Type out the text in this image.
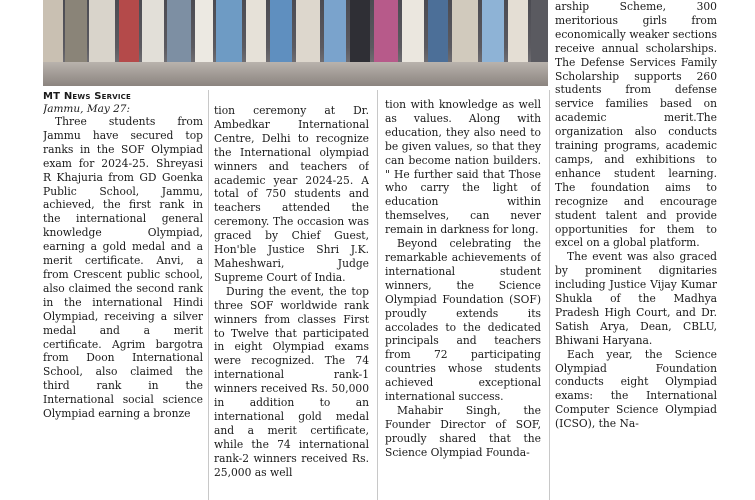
MT News Service
Jammu, May 27:

Three students from Jammu have secured top ranks in the SOF Olympiad exam for 2024-25. Shreyasi R Khajuria from GD Goenka Public School, Jammu, achieved, the first rank in the international general knowledge Olympiad, earning a gold medal and a merit certificate. Anvi, a from Crescent public school, also claimed the second rank in the international Hindi Olympiad, receiving a silver medal and a merit certificate. Agrim bargotra from Doon International School, also claimed the third rank in the International social science Olympiad earning a bronze

tion ceremony at Dr. Ambedkar International Centre, Delhi to recognize the International olympiad winners and teachers of academic year 2024-25. A total of 750 students and teachers attended the ceremony. The occasion was graced by Chief Guest, Hon'ble Justice Shri J.K. Maheshwari, Judge Supreme Court of India.

During the event, the top three SOF worldwide rank winners from classes First to Twelve that participated in eight Olympiad exams were recognized. The 74 international rank-1 winners received Rs. 50,000 in addition to an international gold medal and a merit certificate, while the 74 international rank-2 winners received Rs. 25,000 as well

tion with knowledge as well as values. Along with education, they also need to be given values, so that they can become nation builders. " He further said that Those who carry the light of education within themselves, can never remain in darkness for long.

Beyond celebrating the remarkable achievements of international student winners, the Science Olympiad Foundation (SOF) proudly extends its accolades to the dedicated principals and teachers from 72 participating countries whose students achieved exceptional international success.

Mahabir Singh, the Founder Director of SOF, proudly shared that the Science Olympiad Founda-

arship Scheme, 300 meritorious girls from economically weaker sections receive annual scholarships. The Defense Services Family Scholarship supports 260 students from defense service families based on academic merit.The organization also conducts training programs, academic camps, and exhibitions to enhance student learning. The foundation aims to recognize and encourage student talent and provide opportunities for them to excel on a global platform.

The event was also graced by prominent dignitaries including Justice Vijay Kumar Shukla of the Madhya Pradesh High Court, and Dr. Satish Arya, Dean, CBLU, Bhiwani Haryana.

Each year, the Science Olympiad Foundation conducts eight Olympiad exams: the International Computer Science Olympiad (ICSO), the Na-
